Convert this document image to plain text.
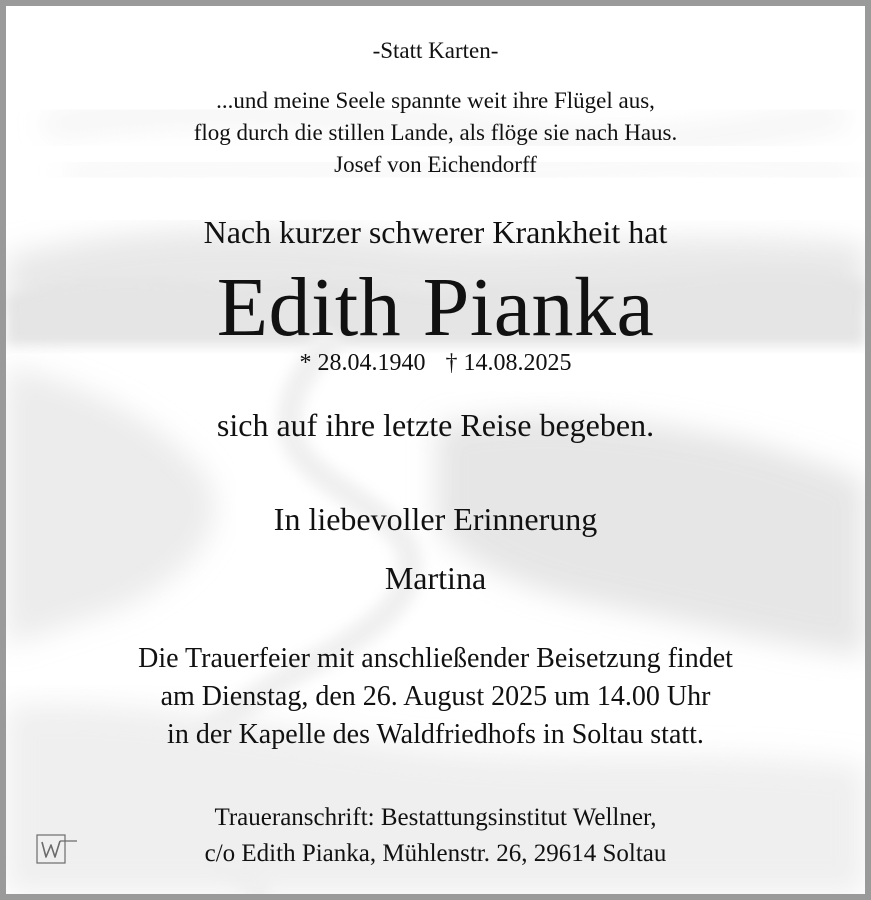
-Statt Karten-
...und meine Seele spannte weit ihre Flügel aus,
flog durch die stillen Lande, als flöge sie nach Haus.
Josef von Eichendorff
Nach kurzer schwerer Krankheit hat
Edith Pianka
* 28.04.1940 † 14.08.2025
sich auf ihre letzte Reise begeben.
In liebevoller Erinnerung
Martina
Die Trauerfeier mit anschließender Beisetzung findet
am Dienstag, den 26. August 2025 um 14.00 Uhr
in der Kapelle des Waldfriedhofs in Soltau statt.
Traueranschrift: Bestattungsinstitut Wellner,
c/o Edith Pianka, Mühlenstr. 26, 29614 Soltau
